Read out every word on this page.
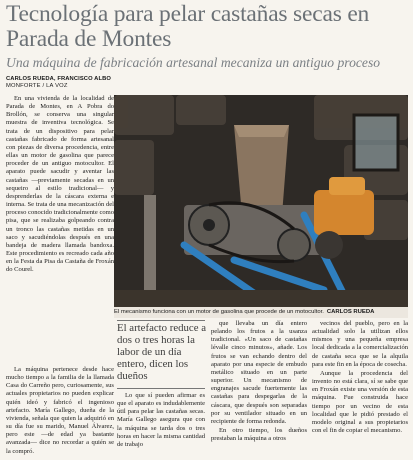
Tecnología para pelar castañas secas en Parada de Montes
Una máquina de fabricación artesanal mecaniza un antiguo proceso
CARLOS RUEDA, FRANCISCO ALBO
MONFORTE / LA VOZ

En una vivienda de la localidad de Parada de Montes, en A Pobra do Brollón, se conserva una singular muestra de inventiva tecnológica. Se trata de un dispositivo para pelar castañas fabricado de forma artesanal con piezas de diversa procedencia, entre ellas un motor de gasolina que parece proceder de un antiguo motocultor. El aparato puede sacudir y aventar las castañas —previamente secadas en un sequeiro al estilo tradicional— y desprenderlas de la cáscara externa e interna. Se trata de una mecanización del proceso conocido tradicionalmente como pisa, que se realizaba golpeando contra un tronco las castañas metidas en un saco y sacudiéndolas después en una bandeja de madera llamada bandoxa. Este procedimiento es recreado cada año en la Festa da Pisa da Castaña de Froxán do Courel.

La máquina pertenece desde hace mucho tiempo a la familia de la llamada Casa do Carreño pero, curiosamente, sus actuales propietarios no pueden explicar quién ideó y fabricó el ingenioso artefacto. María Gallego, dueña de la vivienda, señala que quien la adquirió en su día fue su marido, Manuel Álvarez, pero este —de edad ya bastante avanzada— dice no recordar a quién se la compró.

El mecanismo funciona con un motor de gasolina que procede de un motocultor. CARLOS RUEDA
El artefacto reduce a dos o tres horas la labor de un día entero, dicen los dueños

Lo que sí pueden afirmar es que el aparato es indudablemente útil para pelar las castañas secas. María Gallego asegura que con la máquina se tarda dos o tres horas en hacer la misma cantidad de trabajo

que llevaba un día entero pelando los frutos a la usanza tradicional. «Un saco de castañas lévalle cinco minutos», añade. Los frutos se van echando dentro del aparato por una especie de embudo metálico situado en un parte superior. Un mecanismo de engranajes sacude fuertemente las castañas para despegarlas de la cáscara, que después son separadas por su ventilador situado en un recipiente de forma redonda.

En otro tiempo, los dueños prestaban la máquina a otros

vecinos del pueblo, pero en la actualidad solo la utilizan ellos mismos y una pequeña empresa local dedicada a la comercialización de castaña seca que se la alquila para este fin en la época de cosecha.

Aunque la procedencia del invento no está clara, sí se sabe que en Froxán existe una versión de esta máquina. Fue construida hace tiempo por un vecino de esta localidad que le pidió prestado el modelo original a sus propietarios con el fin de copiar el mecanismo.
